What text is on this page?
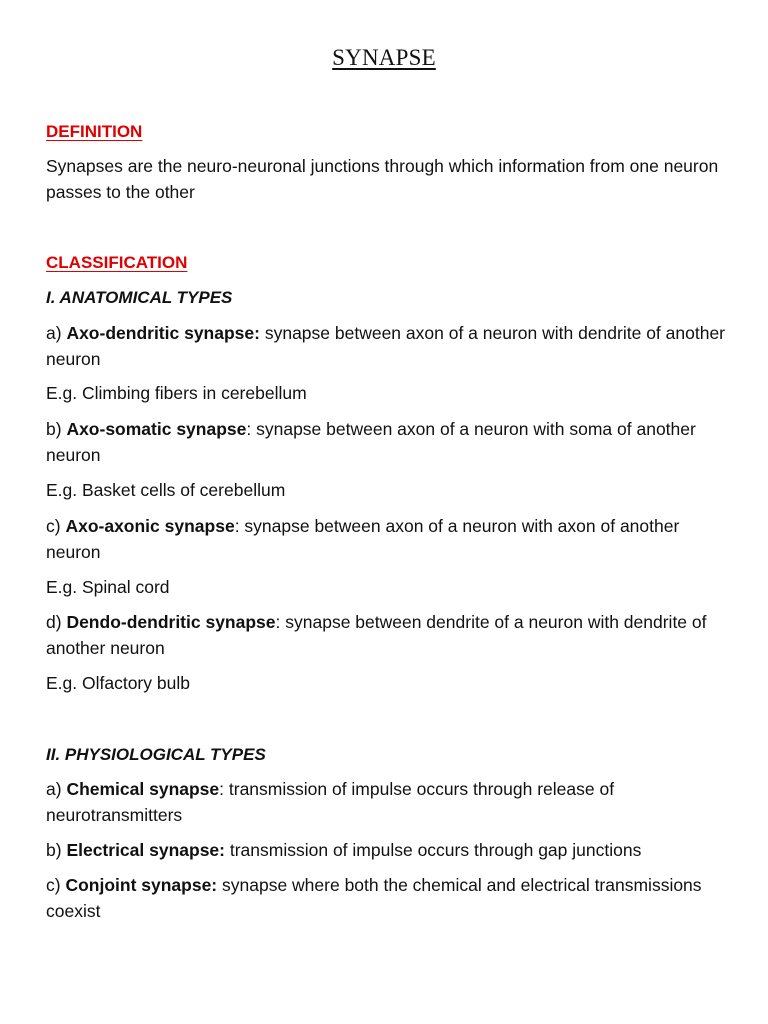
SYNAPSE
DEFINITION
Synapses are the neuro-neuronal junctions through which information from one neuron passes to the other
CLASSIFICATION
I. ANATOMICAL TYPES
a) Axo-dendritic synapse: synapse between axon of a neuron with dendrite of another neuron
E.g. Climbing fibers in cerebellum
b) Axo-somatic synapse: synapse between axon of a neuron with soma of another neuron
E.g. Basket cells of cerebellum
c) Axo-axonic synapse: synapse between axon of a neuron with axon of another neuron
E.g. Spinal cord
d) Dendo-dendritic synapse: synapse between dendrite of a neuron with dendrite of another neuron
E.g. Olfactory bulb
II. PHYSIOLOGICAL TYPES
a) Chemical synapse: transmission of impulse occurs through release of neurotransmitters
b) Electrical synapse: transmission of impulse occurs through gap junctions
c) Conjoint synapse: synapse where both the chemical and electrical transmissions coexist
